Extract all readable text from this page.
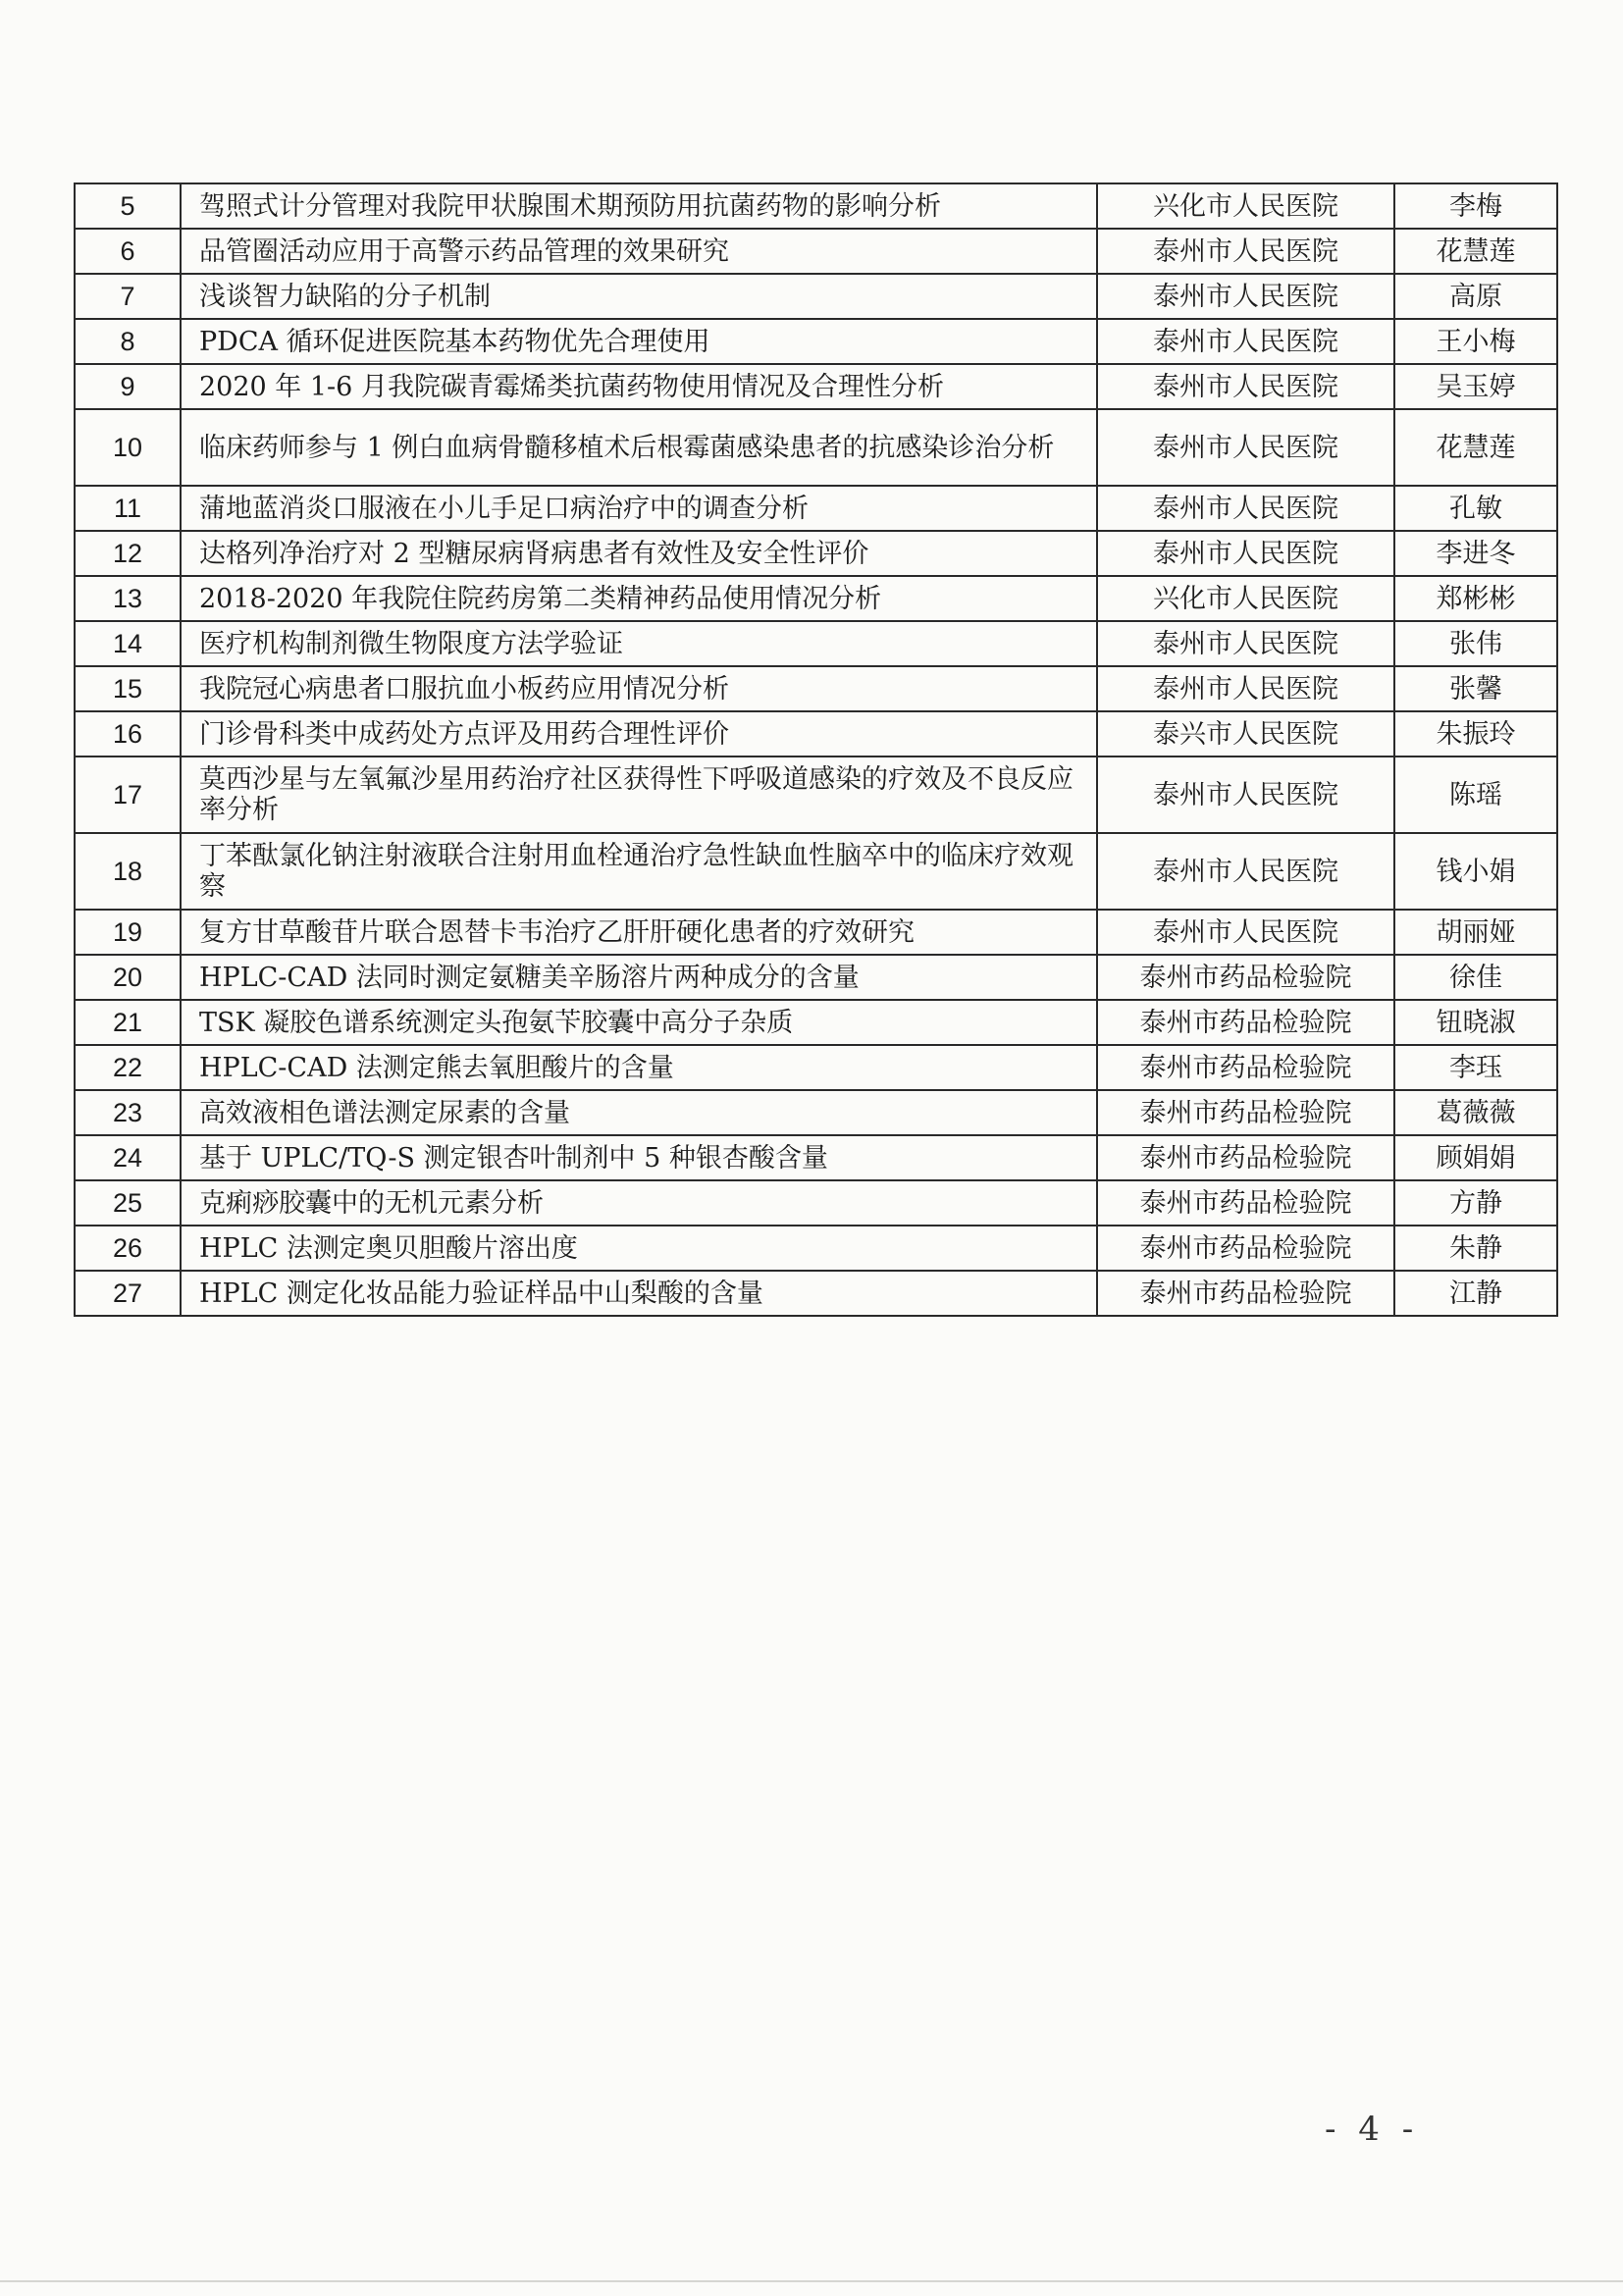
5	驾照式计分管理对我院甲状腺围术期预防用抗菌药物的影响分析	兴化市人民医院	李梅
6	品管圈活动应用于高警示药品管理的效果研究	泰州市人民医院	花慧莲
7	浅谈智力缺陷的分子机制	泰州市人民医院	高原
8	PDCA 循环促进医院基本药物优先合理使用	泰州市人民医院	王小梅
9	2020 年 1-6 月我院碳青霉烯类抗菌药物使用情况及合理性分析	泰州市人民医院	吴玉婷
10	临床药师参与 1 例白血病骨髓移植术后根霉菌感染患者的抗感染诊治分析	泰州市人民医院	花慧莲
11	蒲地蓝消炎口服液在小儿手足口病治疗中的调查分析	泰州市人民医院	孔敏
12	达格列净治疗对 2 型糖尿病肾病患者有效性及安全性评价	泰州市人民医院	李进冬
13	2018-2020 年我院住院药房第二类精神药品使用情况分析	兴化市人民医院	郑彬彬
14	医疗机构制剂微生物限度方法学验证	泰州市人民医院	张伟
15	我院冠心病患者口服抗血小板药应用情况分析	泰州市人民医院	张馨
16	门诊骨科类中成药处方点评及用药合理性评价	泰兴市人民医院	朱振玲
17	莫西沙星与左氧氟沙星用药治疗社区获得性下呼吸道感染的疗效及不良反应率分析	泰州市人民医院	陈瑶
18	丁苯酞氯化钠注射液联合注射用血栓通治疗急性缺血性脑卒中的临床疗效观察	泰州市人民医院	钱小娟
19	复方甘草酸苷片联合恩替卡韦治疗乙肝肝硬化患者的疗效研究	泰州市人民医院	胡丽娅
20	HPLC-CAD 法同时测定氨糖美辛肠溶片两种成分的含量	泰州市药品检验院	徐佳
21	TSK 凝胶色谱系统测定头孢氨苄胶囊中高分子杂质	泰州市药品检验院	钮晓淑
22	HPLC-CAD 法测定熊去氧胆酸片的含量	泰州市药品检验院	李珏
23	高效液相色谱法测定尿素的含量	泰州市药品检验院	葛薇薇
24	基于 UPLC/TQ-S 测定银杏叶制剂中 5 种银杏酸含量	泰州市药品检验院	顾娟娟
25	克痢痧胶囊中的无机元素分析	泰州市药品检验院	方静
26	HPLC 法测定奥贝胆酸片溶出度	泰州市药品检验院	朱静
27	HPLC 测定化妆品能力验证样品中山梨酸的含量	泰州市药品检验院	江静
- 4 -
